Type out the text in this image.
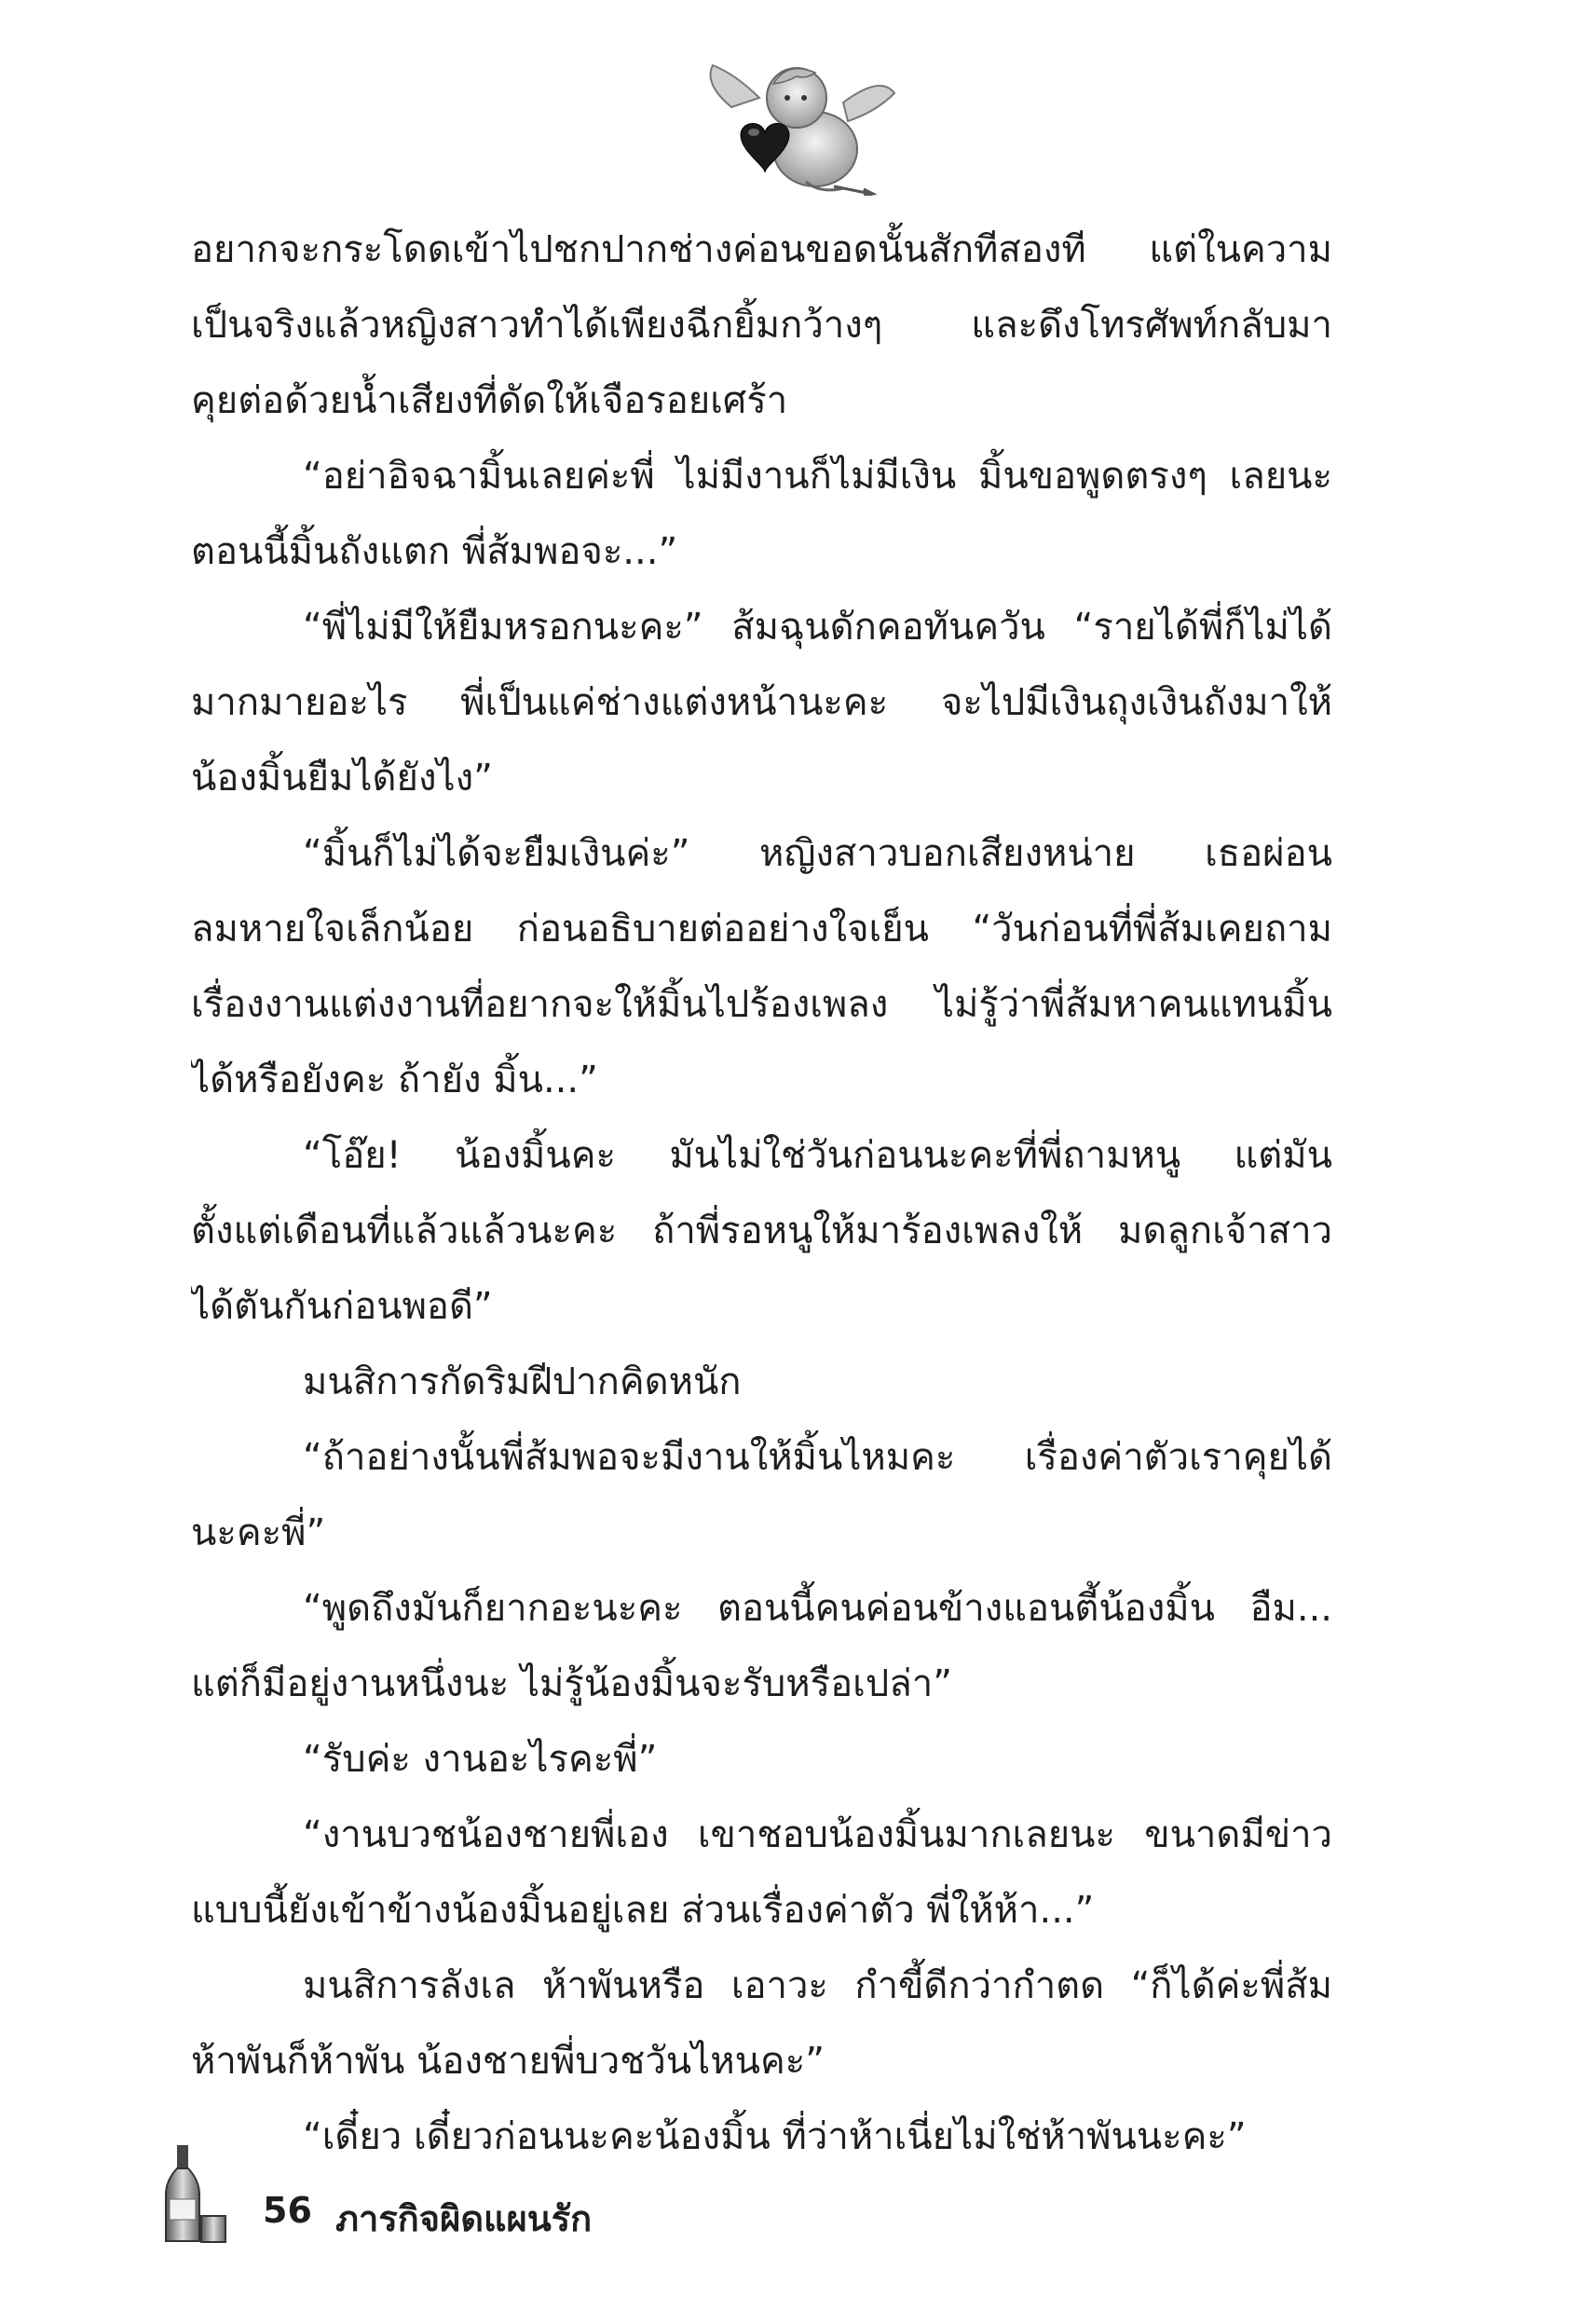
อยากจะกระโดดเข้าไปชกปากช่างค่อนขอดนั้นสักทีสองที แต่ในความ
เป็นจริงแล้วหญิงสาวทำได้เพียงฉีกยิ้มกว้างๆ และดึงโทรศัพท์กลับมา
คุยต่อด้วยน้ำเสียงที่ดัดให้เจือรอยเศร้า
“อย่าอิจฉามิ้นเลยค่ะพี่ ไม่มีงานก็ไม่มีเงิน มิ้นขอพูดตรงๆ เลยนะ
ตอนนี้มิ้นถังแตก พี่ส้มพอจะ...”
“พี่ไม่มีให้ยืมหรอกนะคะ” ส้มฉุนดักคอทันควัน “รายได้พี่ก็ไม่ได้
มากมายอะไร พี่เป็นแค่ช่างแต่งหน้านะคะ จะไปมีเงินถุงเงินถังมาให้
น้องมิ้นยืมได้ยังไง”
“มิ้นก็ไม่ได้จะยืมเงินค่ะ” หญิงสาวบอกเสียงหน่าย เธอผ่อน
ลมหายใจเล็กน้อย ก่อนอธิบายต่ออย่างใจเย็น “วันก่อนที่พี่ส้มเคยถาม
เรื่องงานแต่งงานที่อยากจะให้มิ้นไปร้องเพลง ไม่รู้ว่าพี่ส้มหาคนแทนมิ้น
ได้หรือยังคะ ถ้ายัง มิ้น...”
“โอ๊ย! น้องมิ้นคะ มันไม่ใช่วันก่อนนะคะที่พี่ถามหนู แต่มัน
ตั้งแต่เดือนที่แล้วแล้วนะคะ ถ้าพี่รอหนูให้มาร้องเพลงให้ มดลูกเจ้าสาว
ได้ตันกันก่อนพอดี”
มนสิการกัดริมฝีปากคิดหนัก
“ถ้าอย่างนั้นพี่ส้มพอจะมีงานให้มิ้นไหมคะ เรื่องค่าตัวเราคุยได้
นะคะพี่”
“พูดถึงมันก็ยากอะนะคะ ตอนนี้คนค่อนข้างแอนตี้น้องมิ้น อืม...
แต่ก็มีอยู่งานหนึ่งนะ ไม่รู้น้องมิ้นจะรับหรือเปล่า”
“รับค่ะ งานอะไรคะพี่”
“งานบวชน้องชายพี่เอง เขาชอบน้องมิ้นมากเลยนะ ขนาดมีข่าว
แบบนี้ยังเข้าข้างน้องมิ้นอยู่เลย ส่วนเรื่องค่าตัว พี่ให้ห้า...”
มนสิการลังเล ห้าพันหรือ เอาวะ กำขี้ดีกว่ากำตด “ก็ได้ค่ะพี่ส้ม
ห้าพันก็ห้าพัน น้องชายพี่บวชวันไหนคะ”
“เดี๋ยว เดี๋ยวก่อนนะคะน้องมิ้น ที่ว่าห้าเนี่ยไม่ใช่ห้าพันนะคะ”
56 ภารกิจผิดแผนรัก
